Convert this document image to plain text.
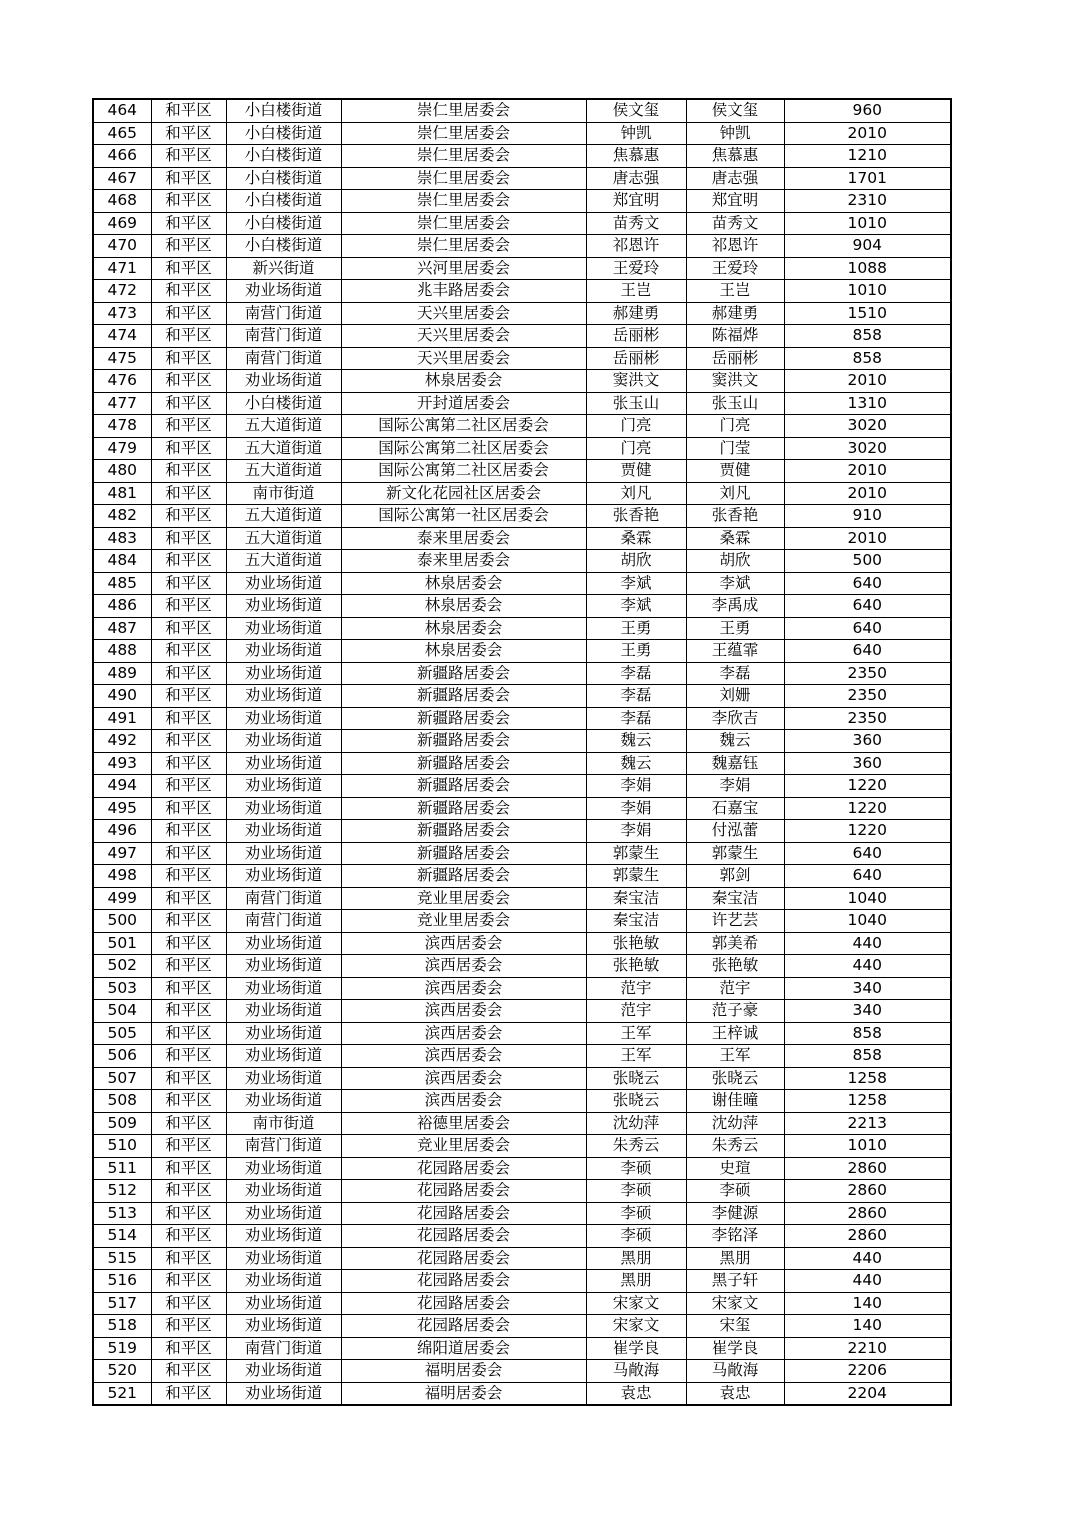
464	和平区	小白楼街道	崇仁里居委会	侯文玺	侯文玺	960
465	和平区	小白楼街道	崇仁里居委会	钟凯	钟凯	2010
466	和平区	小白楼街道	崇仁里居委会	焦慕惠	焦慕惠	1210
467	和平区	小白楼街道	崇仁里居委会	唐志强	唐志强	1701
468	和平区	小白楼街道	崇仁里居委会	郑宜明	郑宜明	2310
469	和平区	小白楼街道	崇仁里居委会	苗秀文	苗秀文	1010
470	和平区	小白楼街道	崇仁里居委会	祁恩许	祁恩许	904
471	和平区	新兴街道	兴河里居委会	王爱玲	王爱玲	1088
472	和平区	劝业场街道	兆丰路居委会	王岂	王岂	1010
473	和平区	南营门街道	天兴里居委会	郝建勇	郝建勇	1510
474	和平区	南营门街道	天兴里居委会	岳丽彬	陈福烨	858
475	和平区	南营门街道	天兴里居委会	岳丽彬	岳丽彬	858
476	和平区	劝业场街道	林泉居委会	窦洪文	窦洪文	2010
477	和平区	小白楼街道	开封道居委会	张玉山	张玉山	1310
478	和平区	五大道街道	国际公寓第二社区居委会	门亮	门亮	3020
479	和平区	五大道街道	国际公寓第二社区居委会	门亮	门莹	3020
480	和平区	五大道街道	国际公寓第二社区居委会	贾健	贾健	2010
481	和平区	南市街道	新文化花园社区居委会	刘凡	刘凡	2010
482	和平区	五大道街道	国际公寓第一社区居委会	张香艳	张香艳	910
483	和平区	五大道街道	泰来里居委会	桑霖	桑霖	2010
484	和平区	五大道街道	泰来里居委会	胡欣	胡欣	500
485	和平区	劝业场街道	林泉居委会	李斌	李斌	640
486	和平区	劝业场街道	林泉居委会	李斌	李禹成	640
487	和平区	劝业场街道	林泉居委会	王勇	王勇	640
488	和平区	劝业场街道	林泉居委会	王勇	王蕴霏	640
489	和平区	劝业场街道	新疆路居委会	李磊	李磊	2350
490	和平区	劝业场街道	新疆路居委会	李磊	刘姗	2350
491	和平区	劝业场街道	新疆路居委会	李磊	李欣吉	2350
492	和平区	劝业场街道	新疆路居委会	魏云	魏云	360
493	和平区	劝业场街道	新疆路居委会	魏云	魏嘉钰	360
494	和平区	劝业场街道	新疆路居委会	李娟	李娟	1220
495	和平区	劝业场街道	新疆路居委会	李娟	石嘉宝	1220
496	和平区	劝业场街道	新疆路居委会	李娟	付泓蕾	1220
497	和平区	劝业场街道	新疆路居委会	郭蒙生	郭蒙生	640
498	和平区	劝业场街道	新疆路居委会	郭蒙生	郭剑	640
499	和平区	南营门街道	竞业里居委会	秦宝洁	秦宝洁	1040
500	和平区	南营门街道	竞业里居委会	秦宝洁	许艺芸	1040
501	和平区	劝业场街道	滨西居委会	张艳敏	郭美希	440
502	和平区	劝业场街道	滨西居委会	张艳敏	张艳敏	440
503	和平区	劝业场街道	滨西居委会	范宇	范宇	340
504	和平区	劝业场街道	滨西居委会	范宇	范子豪	340
505	和平区	劝业场街道	滨西居委会	王军	王梓诚	858
506	和平区	劝业场街道	滨西居委会	王军	王军	858
507	和平区	劝业场街道	滨西居委会	张晓云	张晓云	1258
508	和平区	劝业场街道	滨西居委会	张晓云	谢佳曈	1258
509	和平区	南市街道	裕德里居委会	沈幼萍	沈幼萍	2213
510	和平区	南营门街道	竞业里居委会	朱秀云	朱秀云	1010
511	和平区	劝业场街道	花园路居委会	李硕	史瑄	2860
512	和平区	劝业场街道	花园路居委会	李硕	李硕	2860
513	和平区	劝业场街道	花园路居委会	李硕	李健源	2860
514	和平区	劝业场街道	花园路居委会	李硕	李铭泽	2860
515	和平区	劝业场街道	花园路居委会	黑朋	黑朋	440
516	和平区	劝业场街道	花园路居委会	黑朋	黑子轩	440
517	和平区	劝业场街道	花园路居委会	宋家文	宋家文	140
518	和平区	劝业场街道	花园路居委会	宋家文	宋玺	140
519	和平区	南营门街道	绵阳道居委会	崔学良	崔学良	2210
520	和平区	劝业场街道	福明居委会	马敞海	马敞海	2206
521	和平区	劝业场街道	福明居委会	袁忠	袁忠	2204
